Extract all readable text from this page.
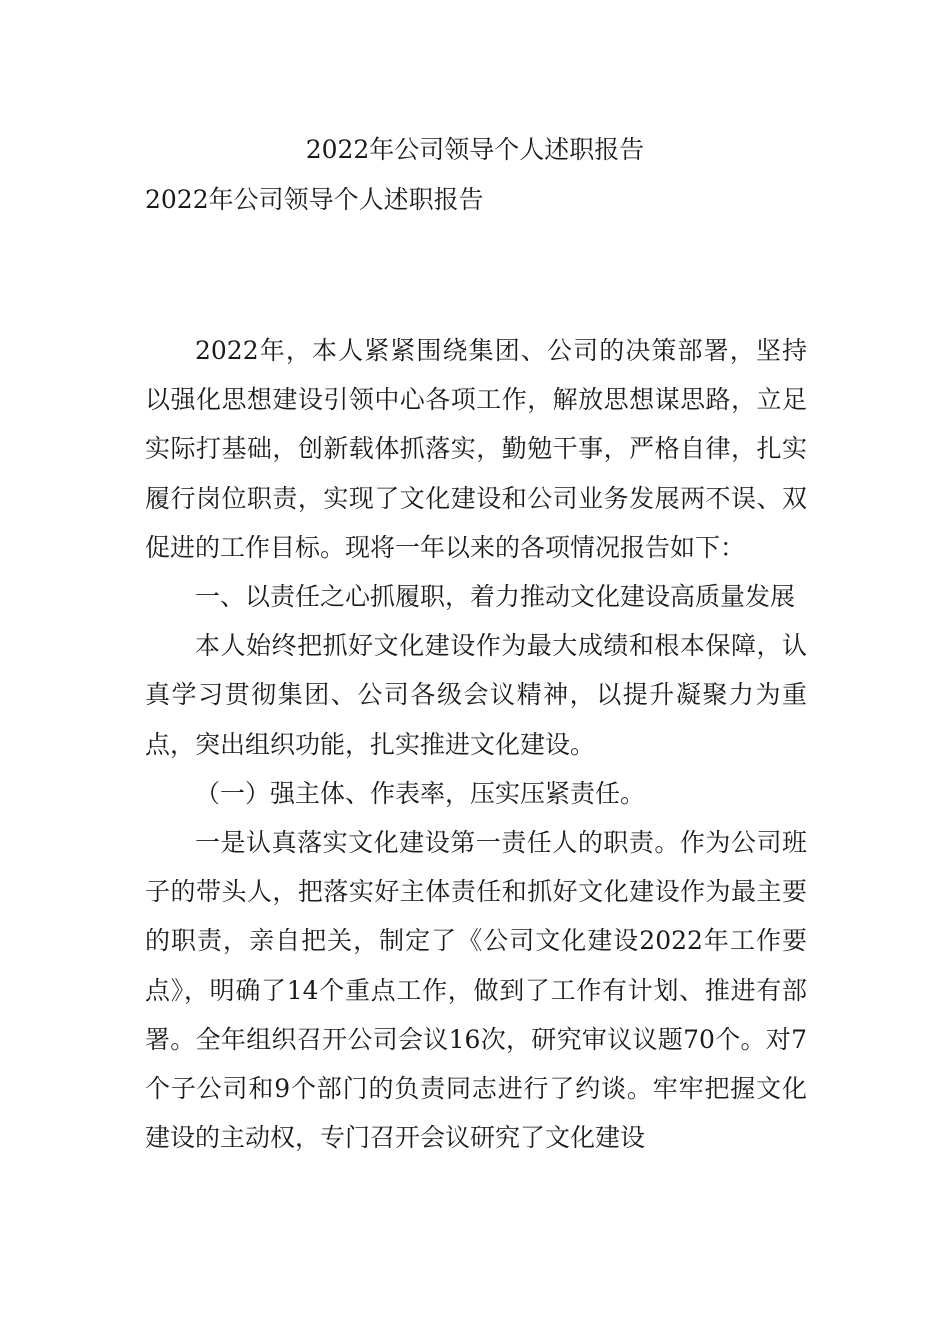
2022年公司领导个人述职报告
2022年公司领导个人述职报告

2022年，本人紧紧围绕集团、公司的决策部署，坚持以强化思想建设引领中心各项工作，解放思想谋思路，立足实际打基础，创新载体抓落实，勤勉干事，严格自律，扎实履行岗位职责，实现了文化建设和公司业务发展两不误、双促进的工作目标。现将一年以来的各项情况报告如下：

一、以责任之心抓履职，着力推动文化建设高质量发展

本人始终把抓好文化建设作为最大成绩和根本保障，认真学习贯彻集团、公司各级会议精神，以提升凝聚力为重点，突出组织功能，扎实推进文化建设。

（一）强主体、作表率，压实压紧责任。

一是认真落实文化建设第一责任人的职责。作为公司班子的带头人，把落实好主体责任和抓好文化建设作为最主要的职责，亲自把关，制定了《公司文化建设2022年工作要点》，明确了14个重点工作，做到了工作有计划、推进有部署。全年组织召开公司会议16次，研究审议议题70个。对7个子公司和9个部门的负责同志进行了约谈。牢牢把握文化建设的主动权，专门召开会议研究了文化建设
